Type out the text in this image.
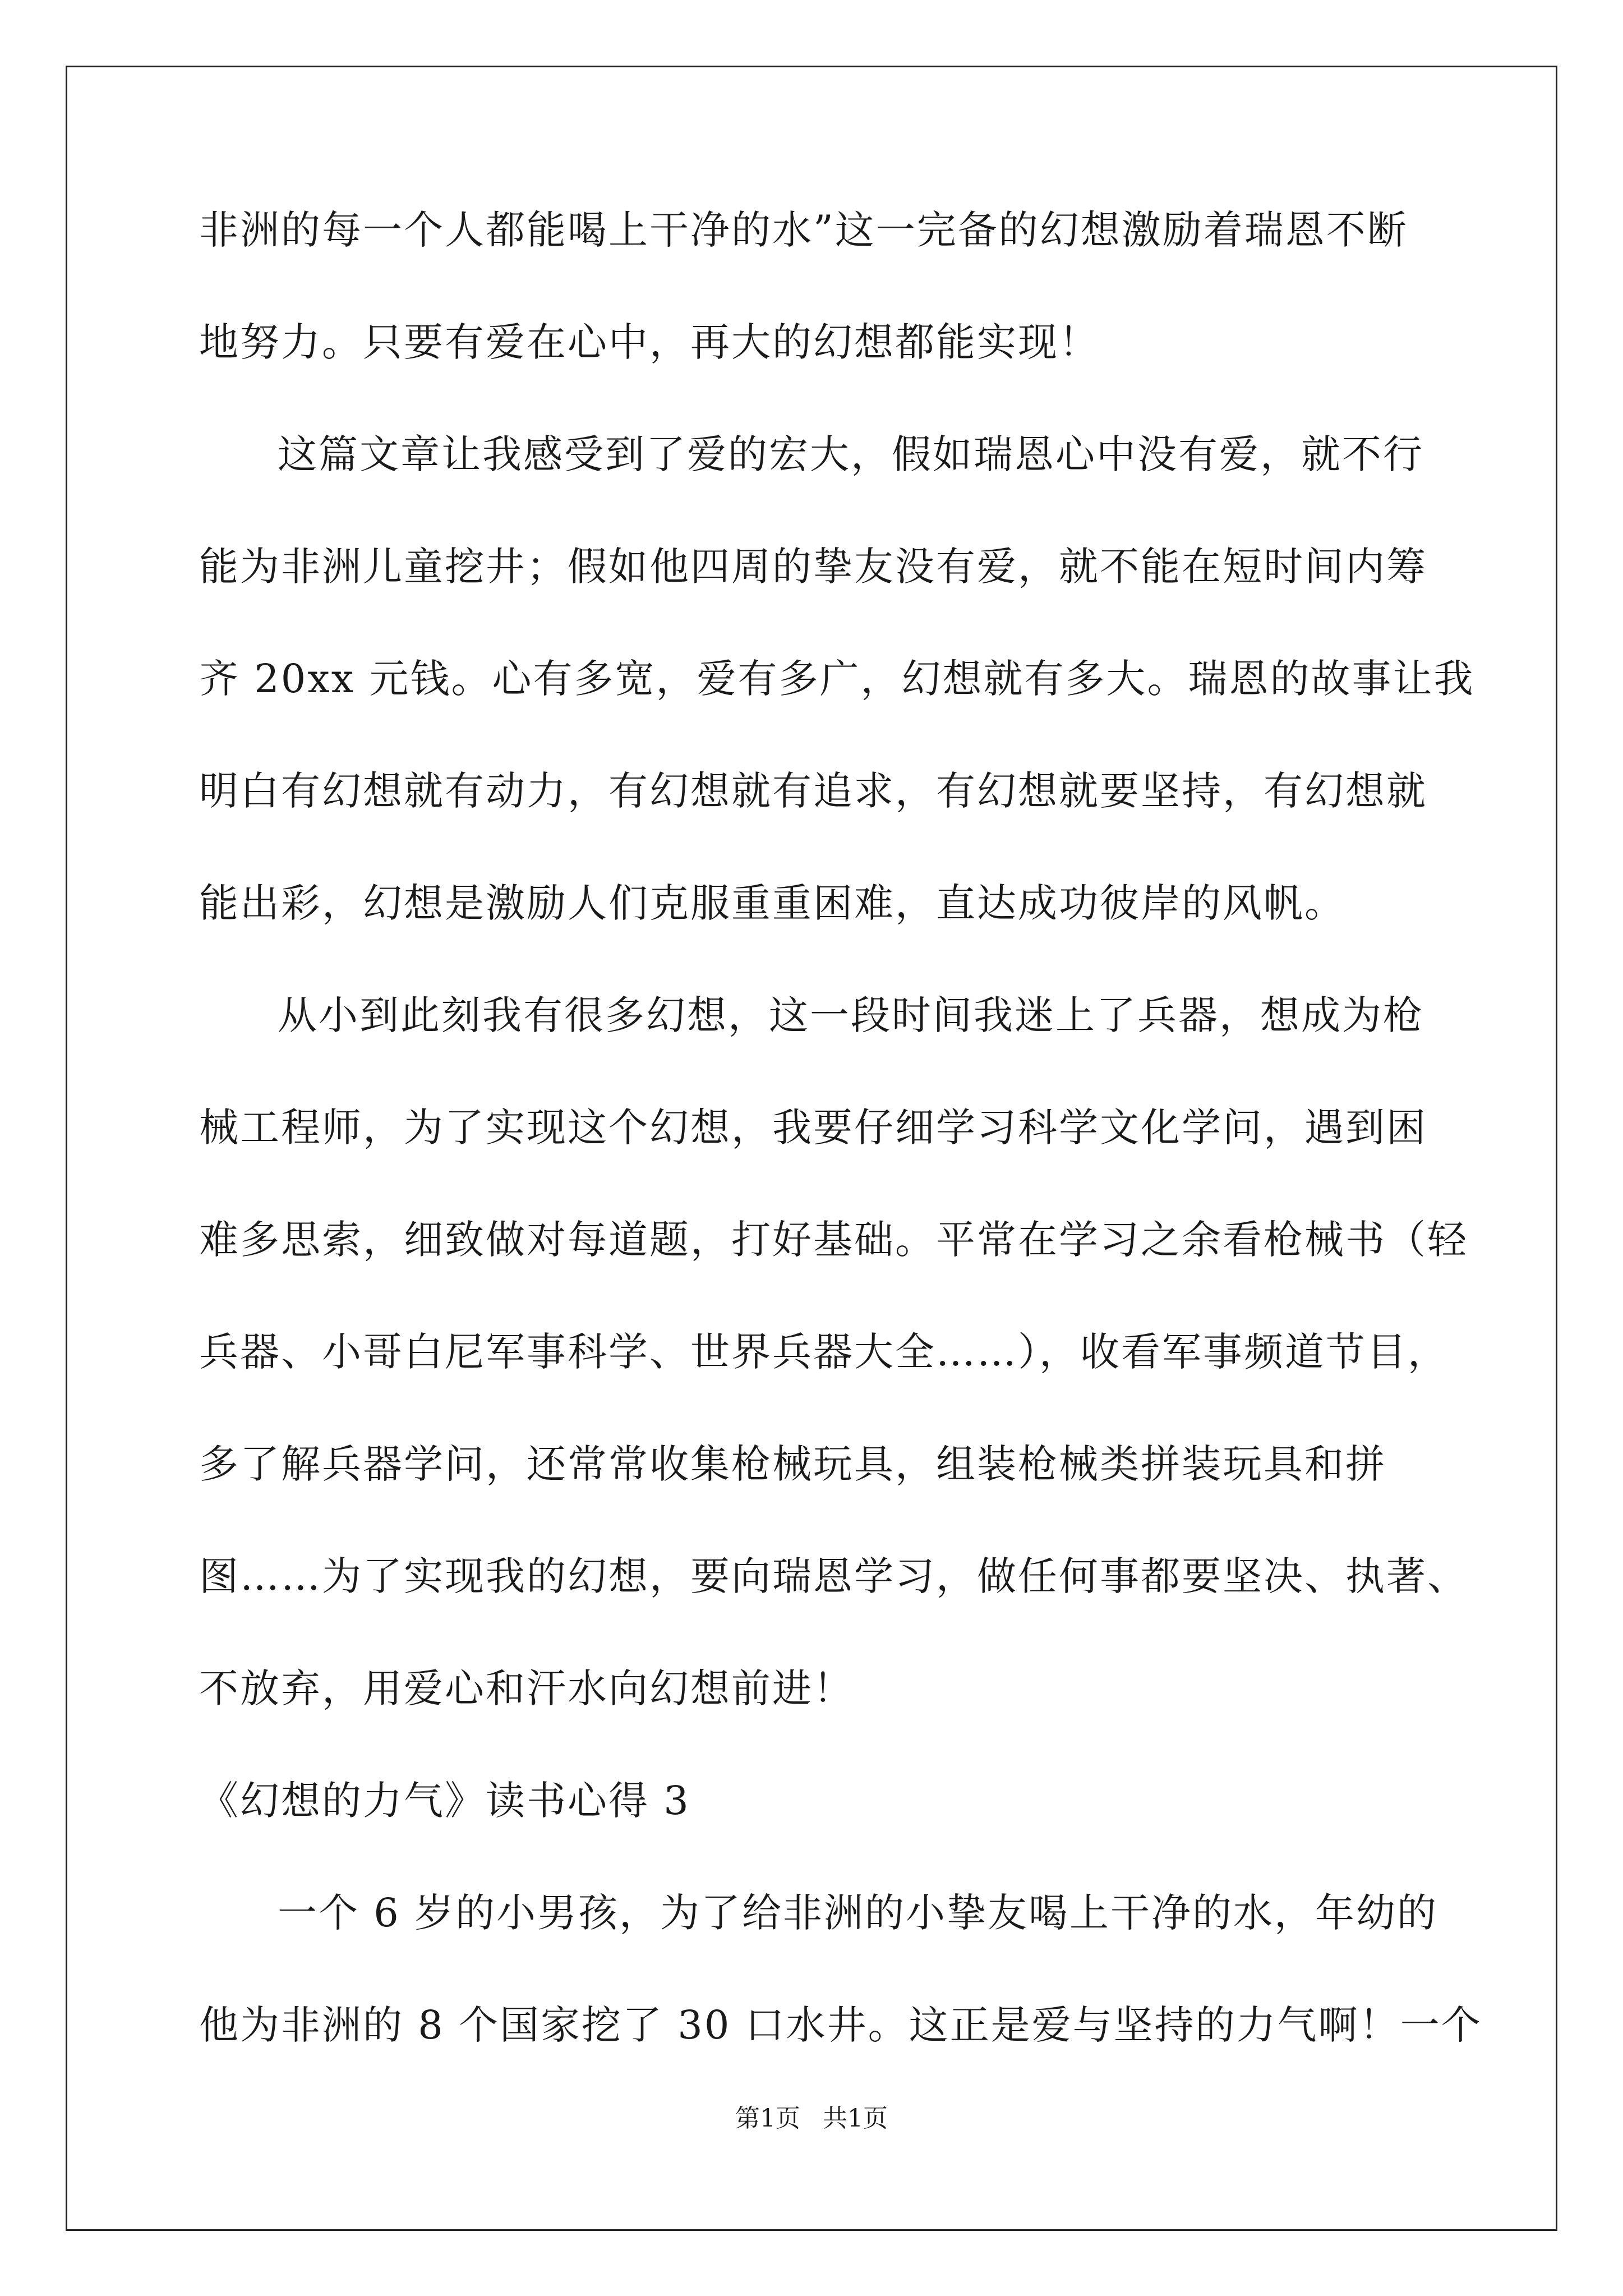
非洲的每一个人都能喝上干净的水”这一完备的幻想激励着瑞恩不断
地努力。只要有爱在心中，再大的幻想都能实现！
这篇文章让我感受到了爱的宏大，假如瑞恩心中没有爱，就不行
能为非洲儿童挖井；假如他四周的挚友没有爱，就不能在短时间内筹
齐 20xx 元钱。心有多宽，爱有多广，幻想就有多大。瑞恩的故事让我
明白有幻想就有动力，有幻想就有追求，有幻想就要坚持，有幻想就
能出彩，幻想是激励人们克服重重困难，直达成功彼岸的风帆。
从小到此刻我有很多幻想，这一段时间我迷上了兵器，想成为枪
械工程师，为了实现这个幻想，我要仔细学习科学文化学问，遇到困
难多思索，细致做对每道题，打好基础。平常在学习之余看枪械书（轻
兵器、小哥白尼军事科学、世界兵器大全……），收看军事频道节目，
多了解兵器学问，还常常收集枪械玩具，组装枪械类拼装玩具和拼
图……为了实现我的幻想，要向瑞恩学习，做任何事都要坚决、执著、
不放弃，用爱心和汗水向幻想前进！
《幻想的力气》读书心得 3
一个 6 岁的小男孩，为了给非洲的小挚友喝上干净的水，年幼的
他为非洲的 8 个国家挖了 30 口水井。这正是爱与坚持的力气啊！一个
第1页 共1页
